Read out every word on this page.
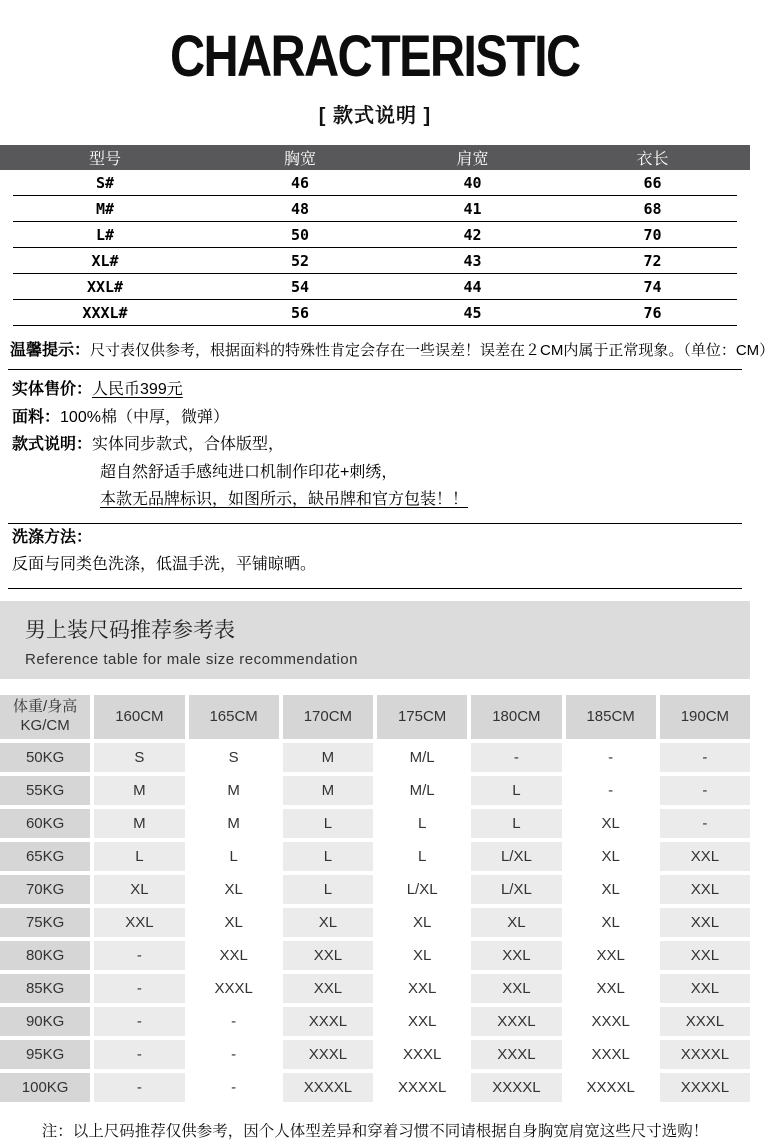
CHARACTERISTIC
[ 款式说明 ]
型号	胸宽	肩宽	衣长
S#	46	40	66
M#	48	41	68
L#	50	42	70
XL#	52	43	72
XXL#	54	44	74
XXXL#	56	45	76
温馨提示：尺寸表仅供参考，根据面料的特殊性肯定会存在一些误差！误差在２CM内属于正常现象。（单位：CM）

实体售价：人民币399元

面料：100%棉（中厚，微弹）

款式说明：实体同步款式，合体版型，

超自然舒适手感纯进口机制作印花+刺绣，

本款无品牌标识，如图所示，缺吊牌和官方包装！！

洗涤方法：

反面与同类色洗涤，低温手洗，平铺晾晒。

男上装尺码推荐参考表
Reference table for male size recommendation
体重/身高
KG/CM	160CM	165CM	170CM	175CM	180CM	185CM	190CM
50KG	S	S	M	M/L	-	-	-
55KG	M	M	M	M/L	L	-	-
60KG	M	M	L	L	L	XL	-
65KG	L	L	L	L	L/XL	XL	XXL
70KG	XL	XL	L	L/XL	L/XL	XL	XXL
75KG	XXL	XL	XL	XL	XL	XL	XXL
80KG	-	XXL	XXL	XL	XXL	XXL	XXL
85KG	-	XXXL	XXL	XXL	XXL	XXL	XXL
90KG	-	-	XXXL	XXL	XXXL	XXXL	XXXL
95KG	-	-	XXXL	XXXL	XXXL	XXXL	XXXXL
100KG	-	-	XXXXL	XXXXL	XXXXL	XXXXL	XXXXL
注：以上尺码推荐仅供参考，因个人体型差异和穿着习惯不同请根据自身胸宽肩宽这些尺寸选购！
